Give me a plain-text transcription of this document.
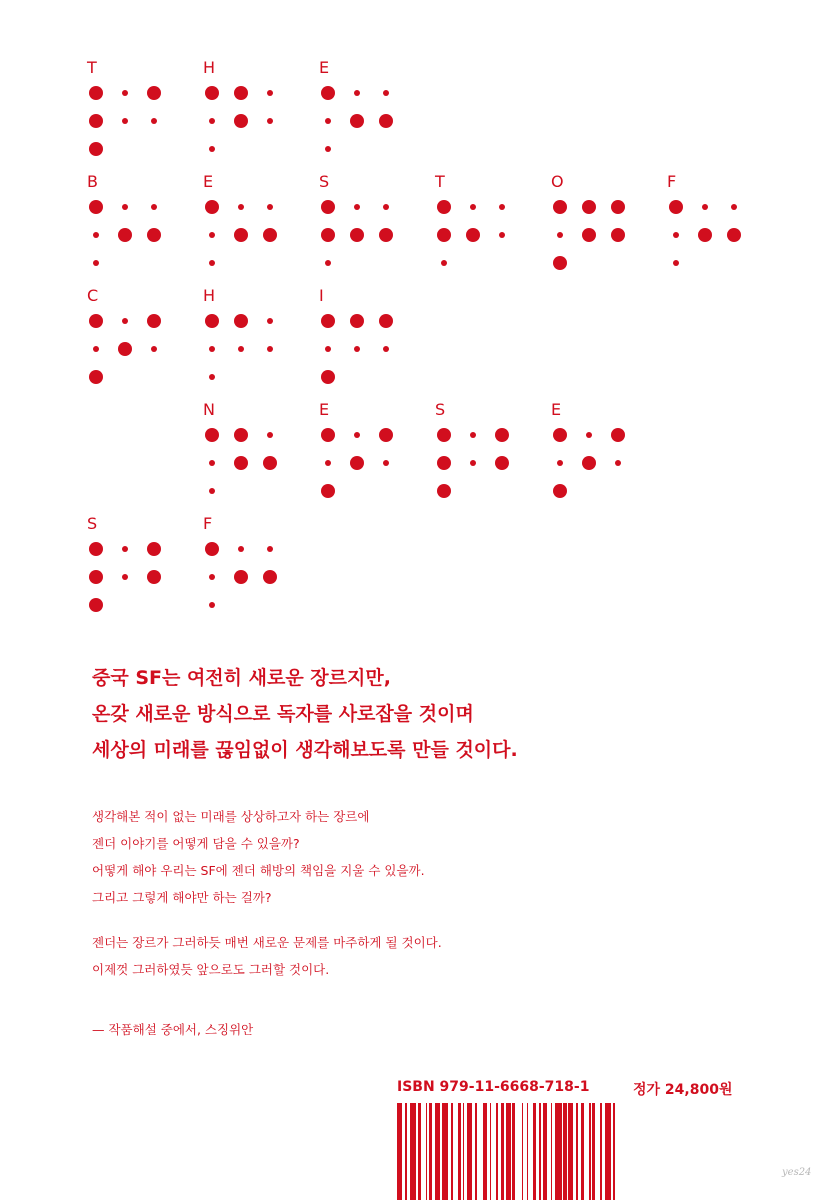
T	H	E
B	E	S	T	O	F
C	H	I
N	E	S	E
S	F
중국 SF는 여전히 새로운 장르지만,
온갖 새로운 방식으로 독자를 사로잡을 것이며
세상의 미래를 끊임없이 생각해보도록 만들 것이다.
생각해본 적이 없는 미래를 상상하고자 하는 장르에
젠더 이야기를 어떻게 담을 수 있을까?
어떻게 해야 우리는 SF에 젠더 해방의 책임을 지울 수 있을까.
그리고 그렇게 해야만 하는 걸까?
젠더는 장르가 그러하듯 매번 새로운 문제를 마주하게 될 것이다.
이제껏 그러하였듯 앞으로도 그러할 것이다.
— 작품해설 중에서, 스징위안
ISBN 979-11-6668-718-1	정가 24,800원
yes24
